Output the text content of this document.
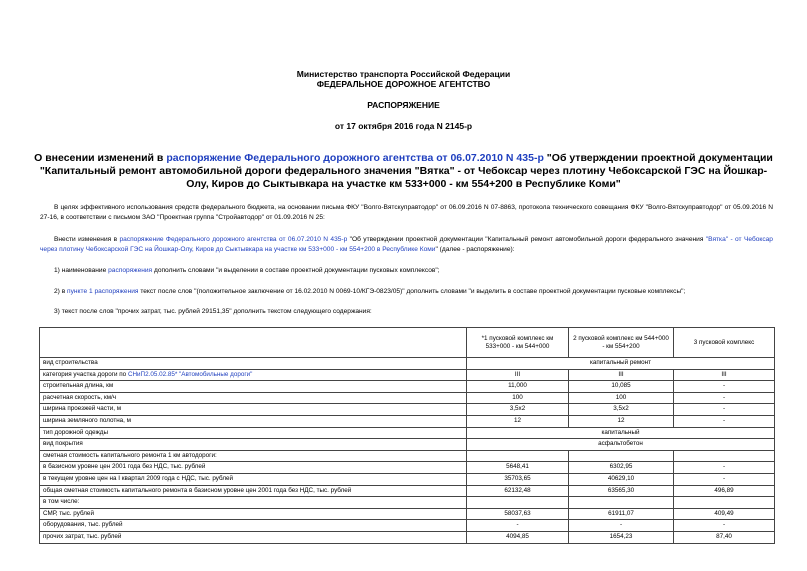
Министерство транспорта Российской Федерации
ФЕДЕРАЛЬНОЕ ДОРОЖНОЕ АГЕНТСТВО
РАСПОРЯЖЕНИЕ
от 17 октября 2016 года N 2145-р
О внесении изменений в распоряжение Федерального дорожного агентства от 06.07.2010 N 435-р "Об утверждении проектной документации "Капитальный ремонт автомобильной дороги федерального значения "Вятка" - от Чебоксар через плотину Чебоксарской ГЭС на Йошкар-Олу, Киров до Сыктывкара на участке км 533+000 - км 554+200 в Республике Коми"
В целях эффективного использования средств федерального бюджета, на основании письма ФКУ "Волго-Вятскуправтодор" от 06.09.2016 N 07-8863, протокола технического совещания ФКУ "Волго-Вятскуправтодор" от 05.09.2016 N 27-16, в соответствии с письмом ЗАО "Проектная группа "Стройавтодор" от 01.09.2016 N 25:
Внести изменения в распоряжение Федерального дорожного агентства от 06.07.2010 N 435-р "Об утверждении проектной документации "Капитальный ремонт автомобильной дороги федерального значения "Вятка" - от Чебоксар через плотину Чебоксарской ГЭС на Йошкар-Олу, Киров до Сыктывкара на участке км 533+000 - км 554+200 в Республике Коми" (далее - распоряжение):
1) наименование распоряжения дополнить словами "и выделении в составе проектной документации пусковых комплексов";
2) в пункте 1 распоряжения текст после слов "(положительное заключение от 16.02.2010 N 0069-10/КГЭ-0823/05)" дополнить словами "и выделить в составе проектной документации пусковые комплексы";
3) текст после слов "прочих затрат, тыс. рублей 29151,35" дополнить текстом следующего содержания:
	*1 пусковой комплекс км 533+000 - км 544+000	2 пусковой комплекс км 544+000 - км 554+200	3 пусковой комплекс
вид строительства	капитальный ремонт		
категория участка дороги по СНиП2.05.02.85* "Автомобильные дороги"	III	III	III
строительная длина, км	11,000	10,085	-
расчетная скорость, км/ч	100	100	-
ширина проезжей части, м	3,5х2	3,5х2	-
ширина земляного полотна, м	12	12	-
тип дорожной одежды	капитальный		
вид покрытия	асфальтобетон		
сметная стоимость капитального ремонта 1 км автодороги:			
в базисном уровне цен 2001 года без НДС, тыс. рублей	5648,41	6302,95	-
в текущем уровне цен на I квартал 2009 года с НДС, тыс. рублей	35703,65	40629,10	-
общая сметная стоимость капитального ремонта в базисном уровне цен 2001 года без НДС, тыс. рублей	62132,48	63565,30	496,89
в том числе:			
СМР, тыс. рублей	58037,63	61911,07	409,49
оборудования, тыс. рублей	-	-	-
прочих затрат, тыс. рублей	4094,85	1654,23	87,40
